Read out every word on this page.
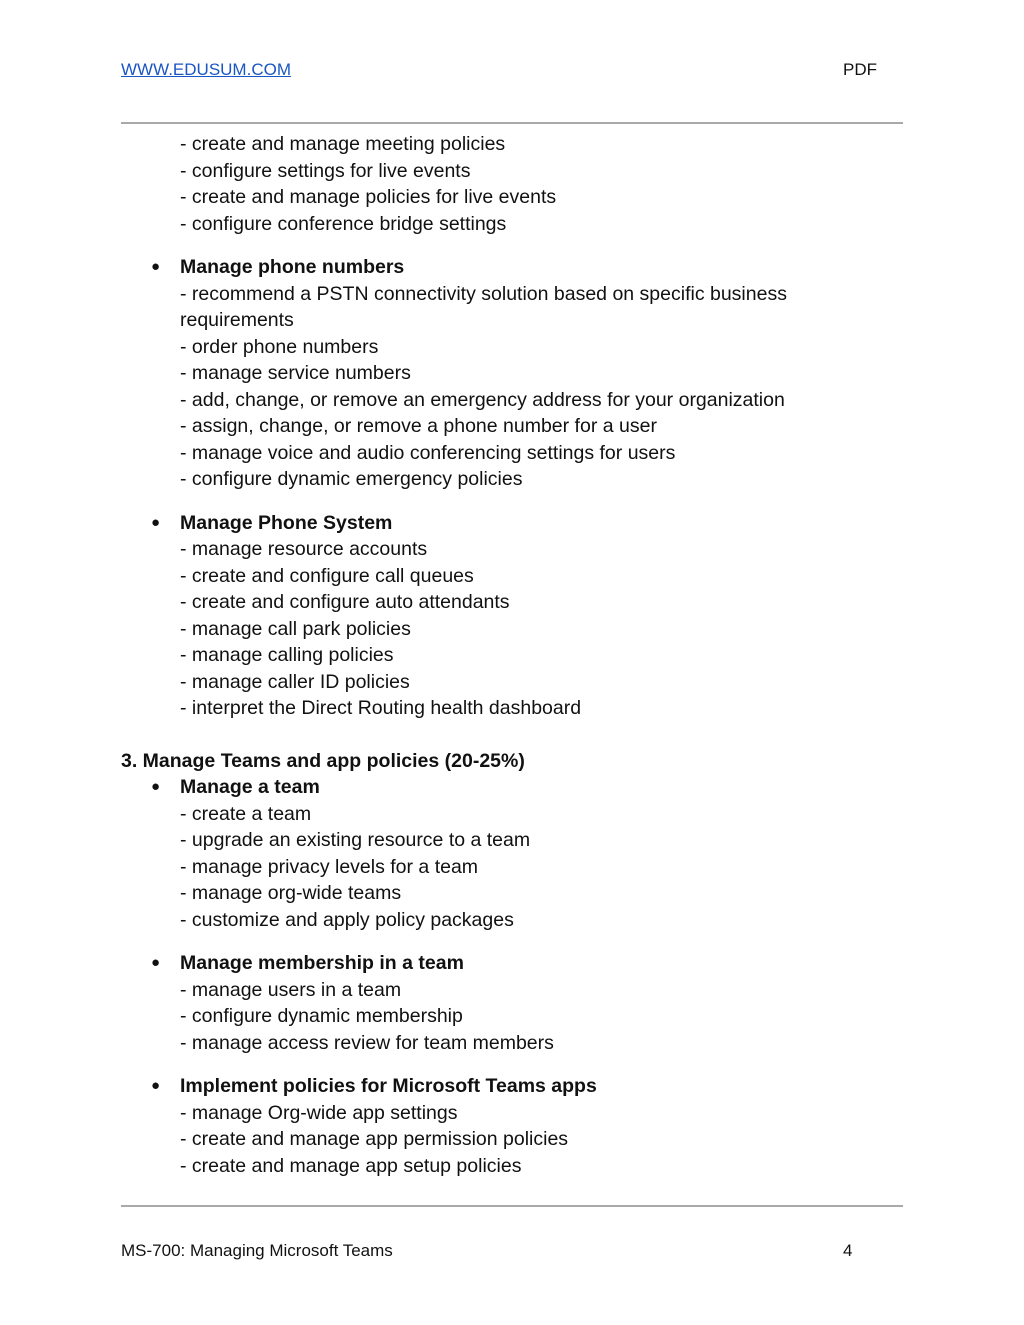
WWW.EDUSUM.COM	PDF
- create and manage meeting policies
- configure settings for live events
- create and manage policies for live events
- configure conference bridge settings
●	Manage phone numbers
- recommend a PSTN connectivity solution based on specific business
requirements
- order phone numbers
- manage service numbers
- add, change, or remove an emergency address for your organization
- assign, change, or remove a phone number for a user
- manage voice and audio conferencing settings for users
- configure dynamic emergency policies
●	Manage Phone System
- manage resource accounts
- create and configure call queues
- create and configure auto attendants
- manage call park policies
- manage calling policies
- manage caller ID policies
- interpret the Direct Routing health dashboard
3. Manage Teams and app policies (20-25%)
●	Manage a team
- create a team
- upgrade an existing resource to a team
- manage privacy levels for a team
- manage org-wide teams
- customize and apply policy packages
●	Manage membership in a team
- manage users in a team
- configure dynamic membership
- manage access review for team members
●	Implement policies for Microsoft Teams apps
- manage Org-wide app settings
- create and manage app permission policies
- create and manage app setup policies
MS-700: Managing Microsoft Teams	4
